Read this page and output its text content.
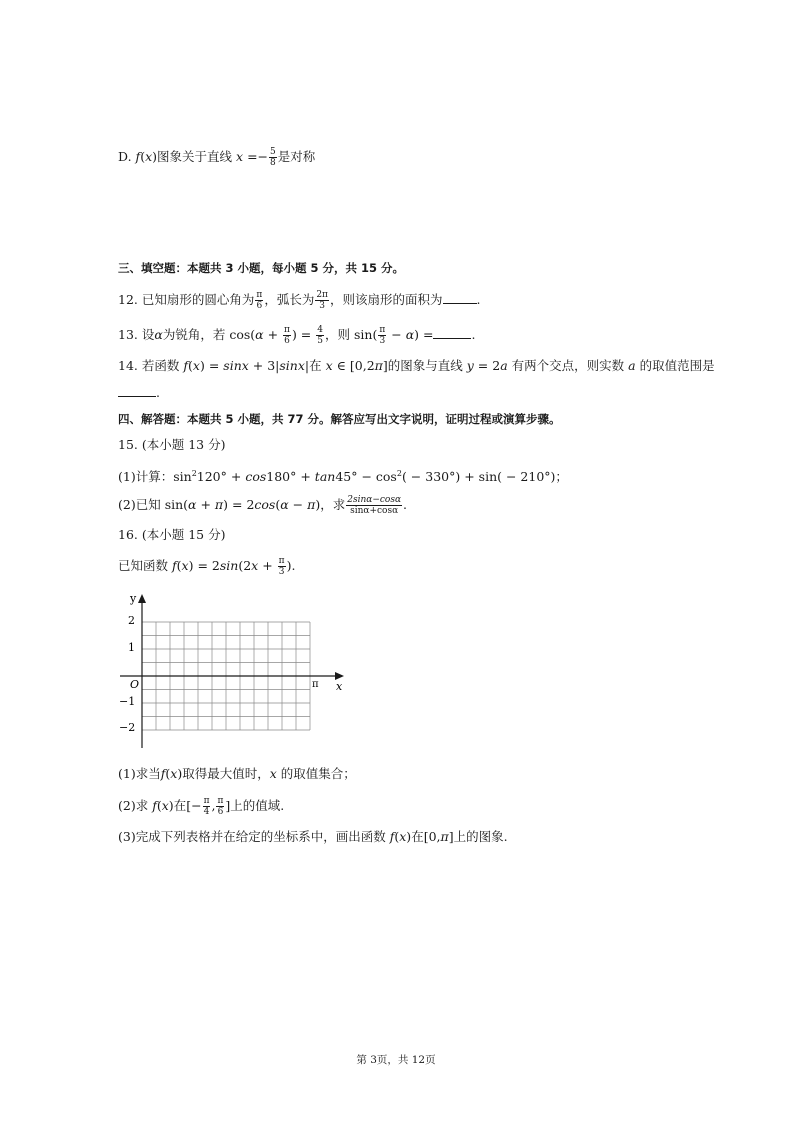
D. f(x)图象关于直线 $x =- \frac{5}{8}$ 是对称
三、填空题：本题共 3 小题，每小题 5 分，共 15 分。
12. 已知扇形的圆心角为 $\frac{\pi}{6}$ ，弧长为 $\frac{2\pi}{3}$ ，则该扇形的面积为	.
13. 设α为锐角，若 $\cos(\alpha + \frac{\pi}{6}$ ) = $\frac{4}{5}$ ，则 $\sin( \frac{\pi}{3} - \alpha)$ =	.
14. 若函数 f(x) = sinx + 3|sinx|在 x ∈ [0,2π]的图象与直线 y = 2a 有两个交点，则实数 a 的取值范围是
.
四、解答题：本题共 5 小题，共 77 分。解答应写出文字说明，证明过程或演算步骤。
15. (本小题 13 分)
(1)计算：$\sin^2120^\circ + \cos 180^\circ + \tan 45^\circ - \cos^2( - 330^\circ) + \sin( - 210^\circ)$；
(2)已知 sin(α + π) = 2cos(α − π)，求 $\frac{2\sin\alpha-\cos\alpha}{\sin\alpha+\cos\alpha}$ .
16. (本小题 15 分)
已知函数 $f(x) = 2\sin(2x + \frac{\pi}{3}$ ).
y
x
O
2
1
−1
−2
π
(1)求当f(x)取得最大值时，x 的取值集合；
(2)求 f(x)在[− $\frac{\pi}{4}$ , $\frac{\pi}{6}$ ]上的值域.
(3)完成下列表格并在给定的坐标系中，画出函数 f(x)在[0,π]上的图象.
第 3页，共 12页
